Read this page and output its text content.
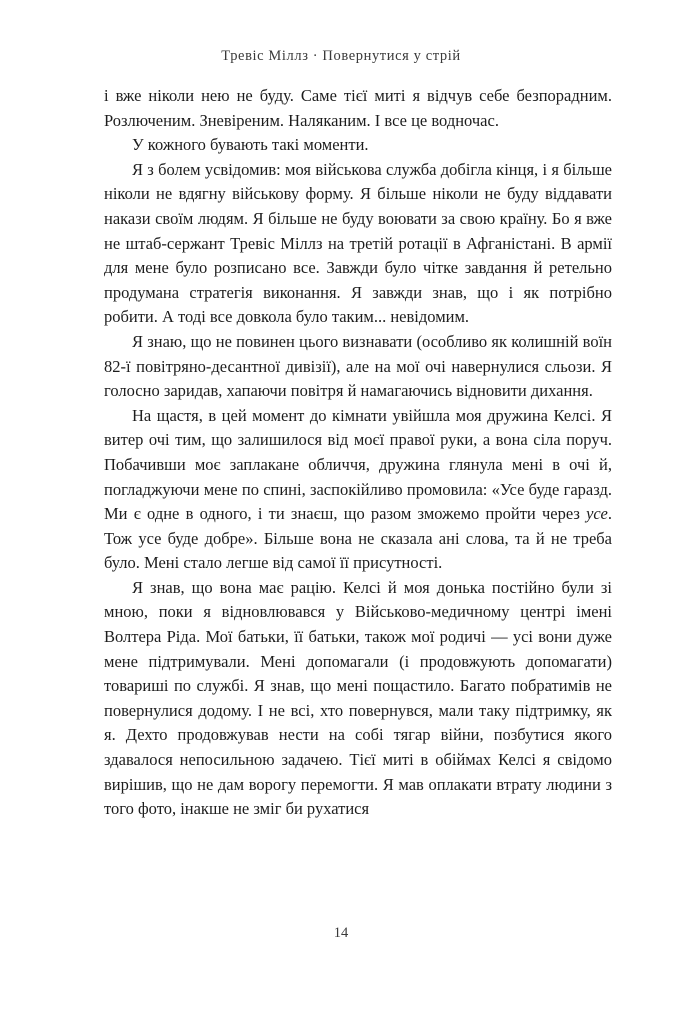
Тревіс Міллз · Повернутися у стрій

і вже ніколи нею не буду. Саме тієї миті я відчув себе безпорадним. Розлюченим. Зневіреним. Наляканим. І все це водночас.

У кожного бувають такі моменти.

Я з болем усвідомив: моя військова служба добігла кінця, і я більше ніколи не вдягну військову форму. Я більше ніколи не буду віддавати накази своїм людям. Я більше не буду воювати за свою країну. Бо я вже не штаб-сержант Тревіс Міллз на третій ротації в Афганістані. В армії для мене було розписано все. Завжди було чітке завдання й ретельно продумана стратегія виконання. Я завжди знав, що і як потрібно робити. А тоді все довкола було таким... невідомим.

Я знаю, що не повинен цього визнавати (особливо як колишній воїн 82-ї повітряно-десантної дивізії), але на мої очі навернулися сльози. Я голосно заридав, хапаючи повітря й намагаючись відновити дихання.

На щастя, в цей момент до кімнати увійшла моя дружина Келсі. Я витер очі тим, що залишилося від моєї правої руки, а вона сіла поруч. Побачивши моє заплакане обличчя, дружина глянула мені в очі й, погладжуючи мене по спині, заспокійливо промовила: «Усе буде гаразд. Ми є одне в одного, і ти знаєш, що разом зможемо пройти через усе. Тож усе буде добре». Більше вона не сказала ані слова, та й не треба було. Мені стало легше від самої її присутності.

Я знав, що вона має рацію. Келсі й моя донька постійно були зі мною, поки я відновлювався у Військово-медичному центрі імені Волтера Ріда. Мої батьки, її батьки, також мої родичі — усі вони дуже мене підтримували. Мені допомагали (і продовжують допомагати) товариші по службі. Я знав, що мені пощастило. Багато побратимів не повернулися додому. І не всі, хто повернувся, мали таку підтримку, як я. Дехто продовжував нести на собі тягар війни, позбутися якого здавалося непосильною задачею. Тієї миті в обіймах Келсі я свідомо вирішив, що не дам ворогу перемогти. Я мав оплакати втрату людини з того фото, інакше не зміг би рухатися

14
